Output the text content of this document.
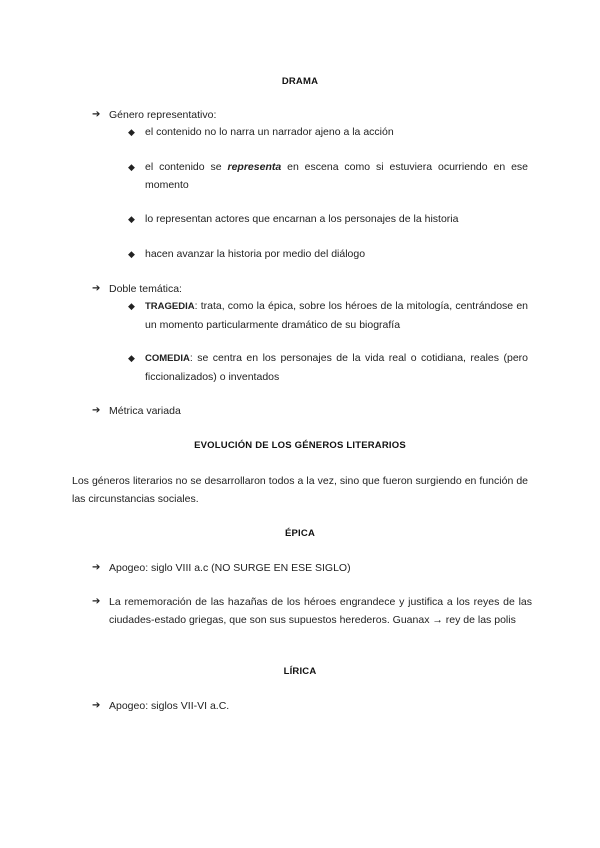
DRAMA
➔ Género representativo:
◆ el contenido no lo narra un narrador ajeno a la acción
◆ el contenido se representa en escena como si estuviera ocurriendo en ese momento
◆ lo representan actores que encarnan a los personajes de la historia
◆ hacen avanzar la historia por medio del diálogo
➔ Doble temática:
◆ TRAGEDIA: trata, como la épica, sobre los héroes de la mitología, centrándose en un momento particularmente dramático de su biografía
◆ COMEDIA: se centra en los personajes de la vida real o cotidiana, reales (pero ficcionalizados) o inventados
➔ Métrica variada
EVOLUCIÓN DE LOS GÉNEROS LITERARIOS
Los géneros literarios no se desarrollaron todos a la vez, sino que fueron surgiendo en función de las circunstancias sociales.
ÉPICA
➔ Apogeo: siglo VIII a.c (NO SURGE EN ESE SIGLO)
➔ La rememoración de las hazañas de los héroes engrandece y justifica a los reyes de las ciudades-estado griegas, que son sus supuestos herederos. Guanax → rey de las polis
LÍRICA
➔ Apogeo: siglos VII-VI a.C.
